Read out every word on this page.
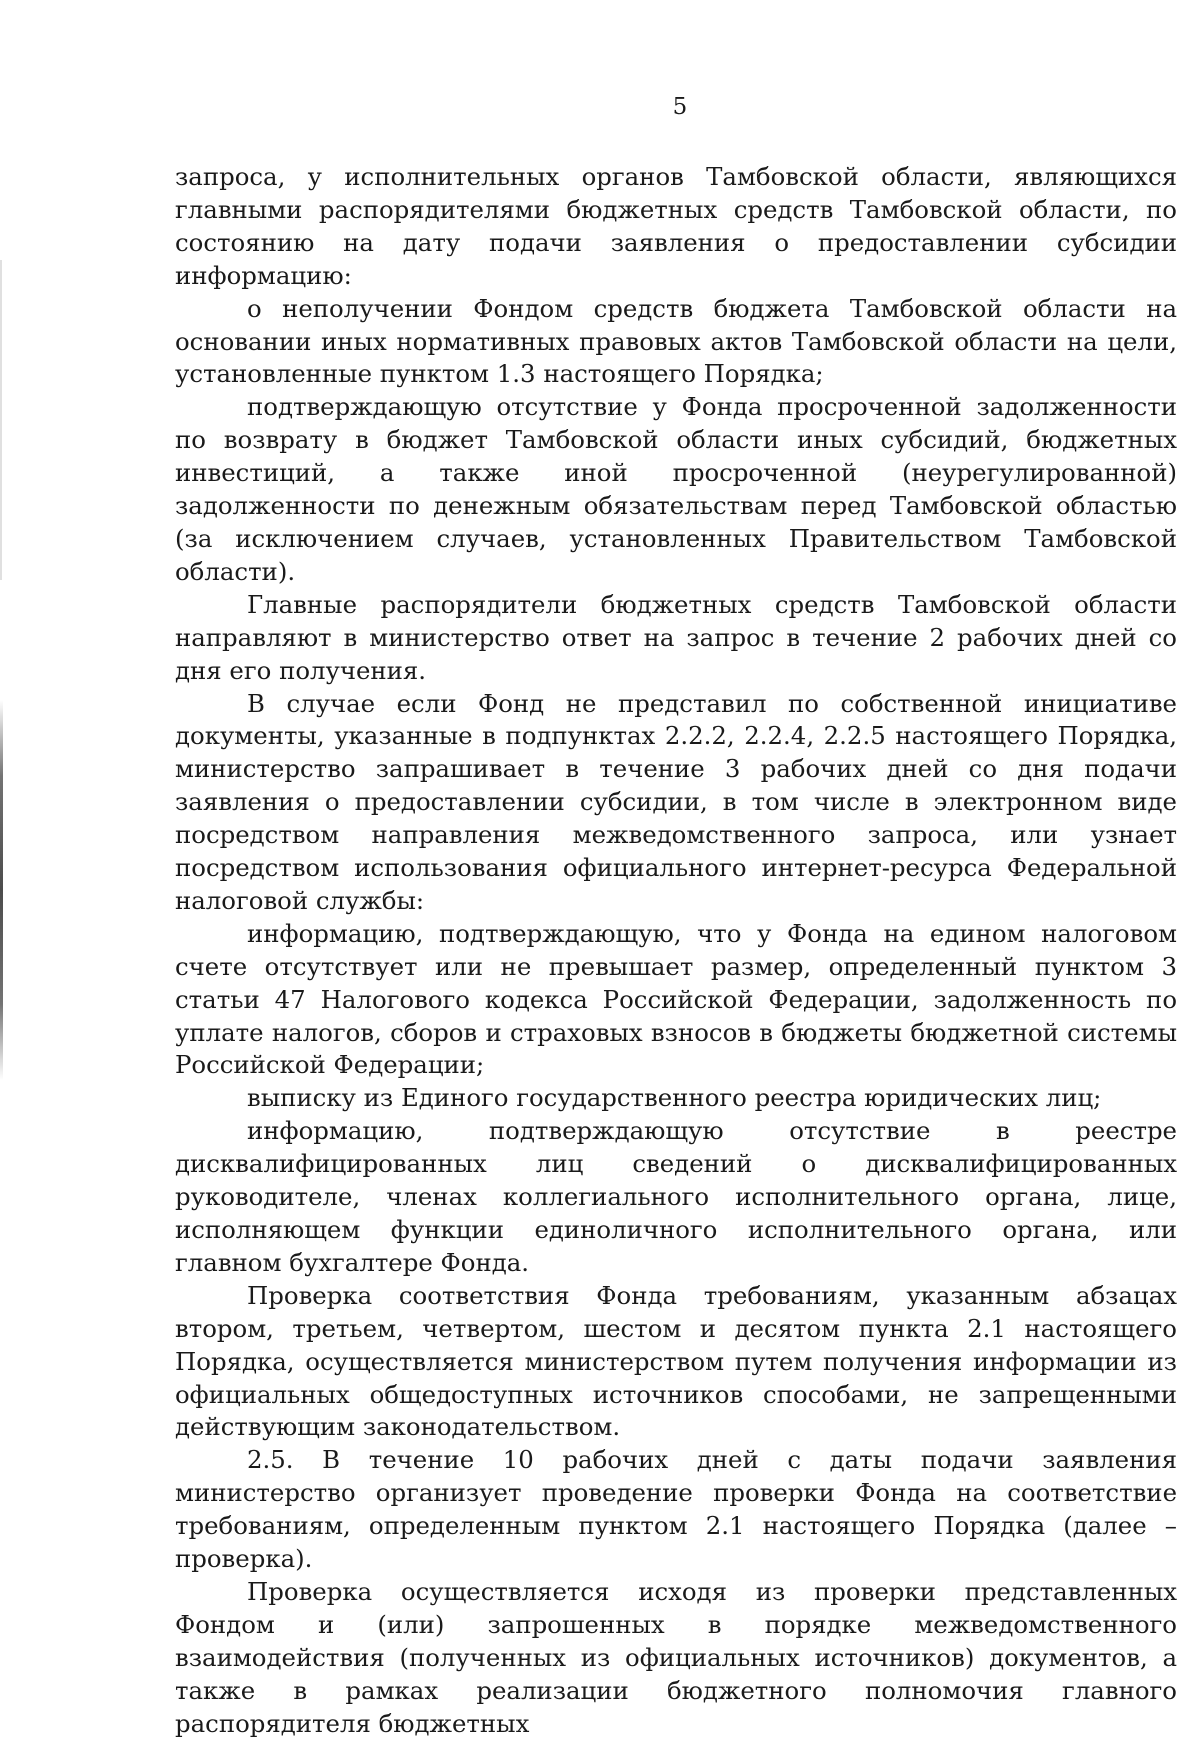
5

запроса, у исполнительных органов Тамбовской области, являющихся главными распорядителями бюджетных средств Тамбовской области, по состоянию на дату подачи заявления о предоставлении субсидии информацию:

о неполучении Фондом средств бюджета Тамбовской области на основании иных нормативных правовых актов Тамбовской области на цели, установленные пунктом 1.3 настоящего Порядка;

подтверждающую отсутствие у Фонда просроченной задолженности по возврату в бюджет Тамбовской области иных субсидий, бюджетных инвестиций, а также иной просроченной (неурегулированной) задолженности по денежным обязательствам перед Тамбовской областью (за исключением случаев, установленных Правительством Тамбовской области).

Главные распорядители бюджетных средств Тамбовской области направляют в министерство ответ на запрос в течение 2 рабочих дней со дня его получения.

В случае если Фонд не представил по собственной инициативе документы, указанные в подпунктах 2.2.2, 2.2.4, 2.2.5 настоящего Порядка, министерство запрашивает в течение 3 рабочих дней со дня подачи заявления о предоставлении субсидии, в том числе в электронном виде посредством направления межведомственного запроса, или узнает посредством использования официального интернет-ресурса Федеральной налоговой службы:

информацию, подтверждающую, что у Фонда на едином налоговом счете отсутствует или не превышает размер, определенный пунктом 3 статьи 47 Налогового кодекса Российской Федерации, задолженность по уплате налогов, сборов и страховых взносов в бюджеты бюджетной системы Российской Федерации;

выписку из Единого государственного реестра юридических лиц;

информацию, подтверждающую отсутствие в реестре дисквалифицированных лиц сведений о дисквалифицированных руководителе, членах коллегиального исполнительного органа, лице, исполняющем функции единоличного исполнительного органа, или главном бухгалтере Фонда.

Проверка соответствия Фонда требованиям, указанным абзацах втором, третьем, четвертом, шестом и десятом пункта 2.1 настоящего Порядка, осуществляется министерством путем получения информации из официальных общедоступных источников способами, не запрещенными действующим законодательством.

2.5. В течение 10 рабочих дней с даты подачи заявления министерство организует проведение проверки Фонда на соответствие требованиям, определенным пунктом 2.1 настоящего Порядка (далее – проверка).

Проверка осуществляется исходя из проверки представленных Фондом и (или) запрошенных в порядке межведомственного взаимодействия (полученных из официальных источников) документов, а также в рамках реализации бюджетного полномочия главного распорядителя бюджетных
